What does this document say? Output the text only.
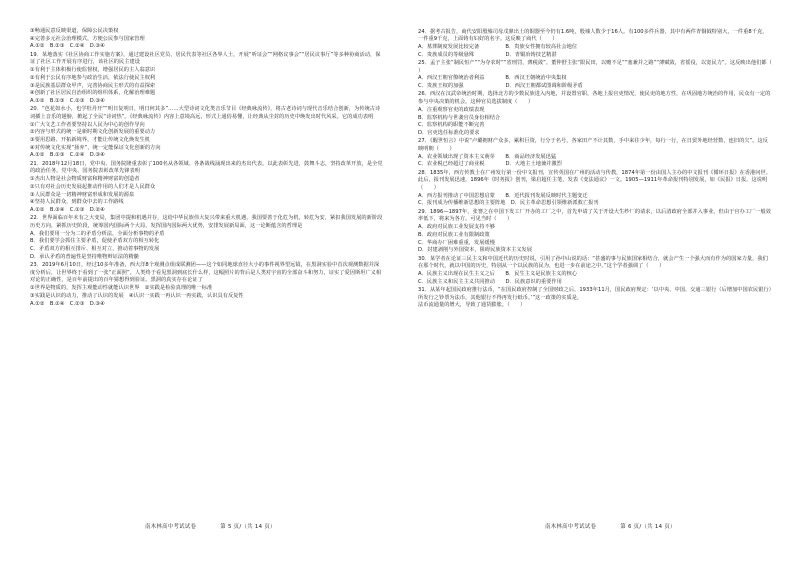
③畅通民意反映渠道，保障公民决策权

④完善多元社会治理模式，方便公民参与国家管理

A.①②　B.①③　C.②④　D.③④

19．某地落实《社区协商工作实施方案》，通过建设社区党员、居民代表等社区各界人士，开展“听证会”“网格议事会”“居民议事厅”等多种协商活动，保证了社区工作开展有序进行，该社区的民主建设

①有利于主体积极行使监督权，增强居民的主人翁意识

②有利于公民有序地参与政治生活，依法行使民主权利

③是民族基层群众甲声，完善协商民主形式的有益探索

④创新了社区居民自治组织的组织体系，化解治理难题

A.①②　B.①③　C.②③　D.③④

20．“芭花如水小，也学牡丹开”“明日复明日，明日何其多”……大型诗词文化类音乐节目《经典咏流传》，将古老诗词与现代音乐结合创新，为传统古诗词插上音乐的翅膀，掀起了全民“诗词热”。《经典咏流传》内容上意境高远，形式上通俗易懂，让经典从尘封的历史中焕发出时代风采。它的成功表明

①广大文艺工作者要坚持以人民为中心的创作导向

②内容与形式的统一是新时期文化创新发展的重要动力

③要用思路、开拓新境界，才能让传统文化焕发生机

④对传统文化实现“扬弃”，统一定能保证文化创新的方向

A.①②　B.①③　C.②④　D.③④

21．2018年12月18日，党中央、国务院隆重表彰了100名从各领域、各条战线涌现出来的杰出代表。以此表彰先进，鼓舞斗志，坚持改革开放，是全党的政治任务。党中央、国务院表彰改革先锋表明

①杰出人物是社会物质财富和精神财富的创造者

②只有对社会历史发展起推动作用的人们才是人民群众

③人民群众是一切精神财富形成和发展的源泉

④坚持人民群众，到群众中去的工作路线

A.①②　B.③④　C.①③　D.②④

22．世界面临百年未有之大变局，集团中提和机遇并存，这给中华民族伟大复兴带来重大机遇，我国要善于化危为机，转危为安，紧扣我国发展的新阶段历史方向，紧抓历史阶段，统筹国内国际两个大局，发挥国内国际两大优势，安排发展新局面，这一论断蕴含的哲理是

A．我们要用一分为二的矛盾分析法，全面分析事物的矛盾

B．我们要学会抓住主要矛盾，促使矛盾双方的相互转化

C．矛盾双方的相互排斥、相互对立，推动着事物的发展

D．承认矛盾的普遍性是坚持唯物辩证法的精髓

23．2019年6月10日，经过10多年准备，西大洋8个观测点组成联测团——这个如同地球直径大小的事件视界望远镜，在黑洞实验中首次观测数据并深度分析后，让世界终于看到了一张“正面照”。人类终于看见黑洞到底长什么样，这幅照片的背后是人类对宇宙的全部奋斗和努力，证实了爱因斯坦广义相对论的正确性，是百年前提出的百年猜想得到验证。黑洞的真实存在论证了

①世界是物质的，发挥主观能动性就能认识世界　②实践是检验真理的唯一标准

③实践是认识的动力，推动了认识的发展　④认识一实践一再认识一再实践，认识具有反复性

A.①②　B.①④　C.②③　D.③④

24．据考古报告，商代安阳殷墟司母戊鼎出土的铜器至今仍有1.6吨，殷墟人数少于16人。有100多件兵器，其中有两件青铜钺特别大，一件重8千克，一件重9千克，上面铸有妇好的名字。这反映了商代（　　）

A．墓葬制度发展比较完备　　　　　B．贵族女性拥有较高社会地位

C．贵族成员的等级悬殊　　　　　　D．青铜冶铸技艺精湛

25．孟子主张“制民恒产”“为夺农时”“省刑罚，薄税敛”。董仲舒主张“限民田，以赡不足”“塞兼并之路”“薄赋敛，省徭役，以宽民力”。这反映出他们都（　　）

A．西汉王朝官僚统治者利益　　　　B．西汉王朝统治中央集权

C．贵族王权的加强　　　　　　　　D．西汉王朝都试图调和阶级矛盾

26．西汉在汉武帝统治时期，选择北方的少数民族进入内地，并设置官职，各地上报官吏情况，使民吏的地方性，在巩固地方统治的作用，民众有一定的参与中央决策的机会。这种官员选拔制度（　　）

A．注重观察官吏的政绩表现

B．监察机构与世袭官员身份相结合

C．监察机构的职能不断完善

D．官吏选任标准化的要求

27．《醒世恒言》中说“卢璐拥财产众多，累积巨资，行分于名号，各家田产不计其数，手中来往少年，每行一行，在日贸外地经营数，连旧的欠”。这反映明朝（　　）

A．农业领域出现了资本主义萌芽　　B．商品经济发展迅猛

C．农业税已经超过了商业税　　　　D．大地主土地兼并激烈

28．1835年，西方传教士在广州发行第一份中文报刊，宣传英国在广州的活动与传教，1874年第一份由国人主办的中文报刊《循环日报》在香港问世。此后，报刊发展迅速，1896年《时务报》创刊，梁启超任主笔，发表《变法通议》一文。1905—1911年革命报刊特别发展，如《民报》日报。这说明（　　）

A．西方报刊推动了中国思想启蒙　　B．近代报刊发展反映时代主题变迁

C．报刊成为传播维新思想的主要阵地　D．民主革命思想引领维新派救亡报刊

29．1896—1897年，张謇之在中国下发工厂开办的工厂之中，首先申请了关于开设大生纱厂的请求，以后清政府全部并入事业，但由于官办工厂一般效率低下，将来为各方。可见当时（　　）

A．政府对民族工业发展支持不够

B．政府对民族工业有限制政策

C．华商办厂困难重重，发展缓慢

D．封建剥削与外国资本，阻碍民族资本主义发展

30．某学者在论证三民主义和中国近代的历史时说，引用了孙中山说的话：“甚盛的事与民族国家相结合，就会产生一个强大而有作为的国家力量，我们在那个时代，就以中国的历史，特别从一个以民族的民为，也进一步在前途之中。”这个学者强调了（　　）

A．民族主义出现在民生主义之后　　B．民生主义是民族主义的核心

C．民族主义和民主主义共同推动　　D．民族意识的重要作用

31．从某年起国民政府推行法币，“在国民政府控制了全国财政之后，1933年11月，国民政府规定：‘以中央、中国、交通三银行（后增加中国农民银行）所发行之钞票为法币，其他银行不得再发行纸币。’”这一政策的实质是，

法币流通量的增大，导致了通货膨胀。（　　）

南木林高中考试试卷	第 5 页/（共 14 页）	南木林高中考试试卷	第 6 页/（共 14 页）
